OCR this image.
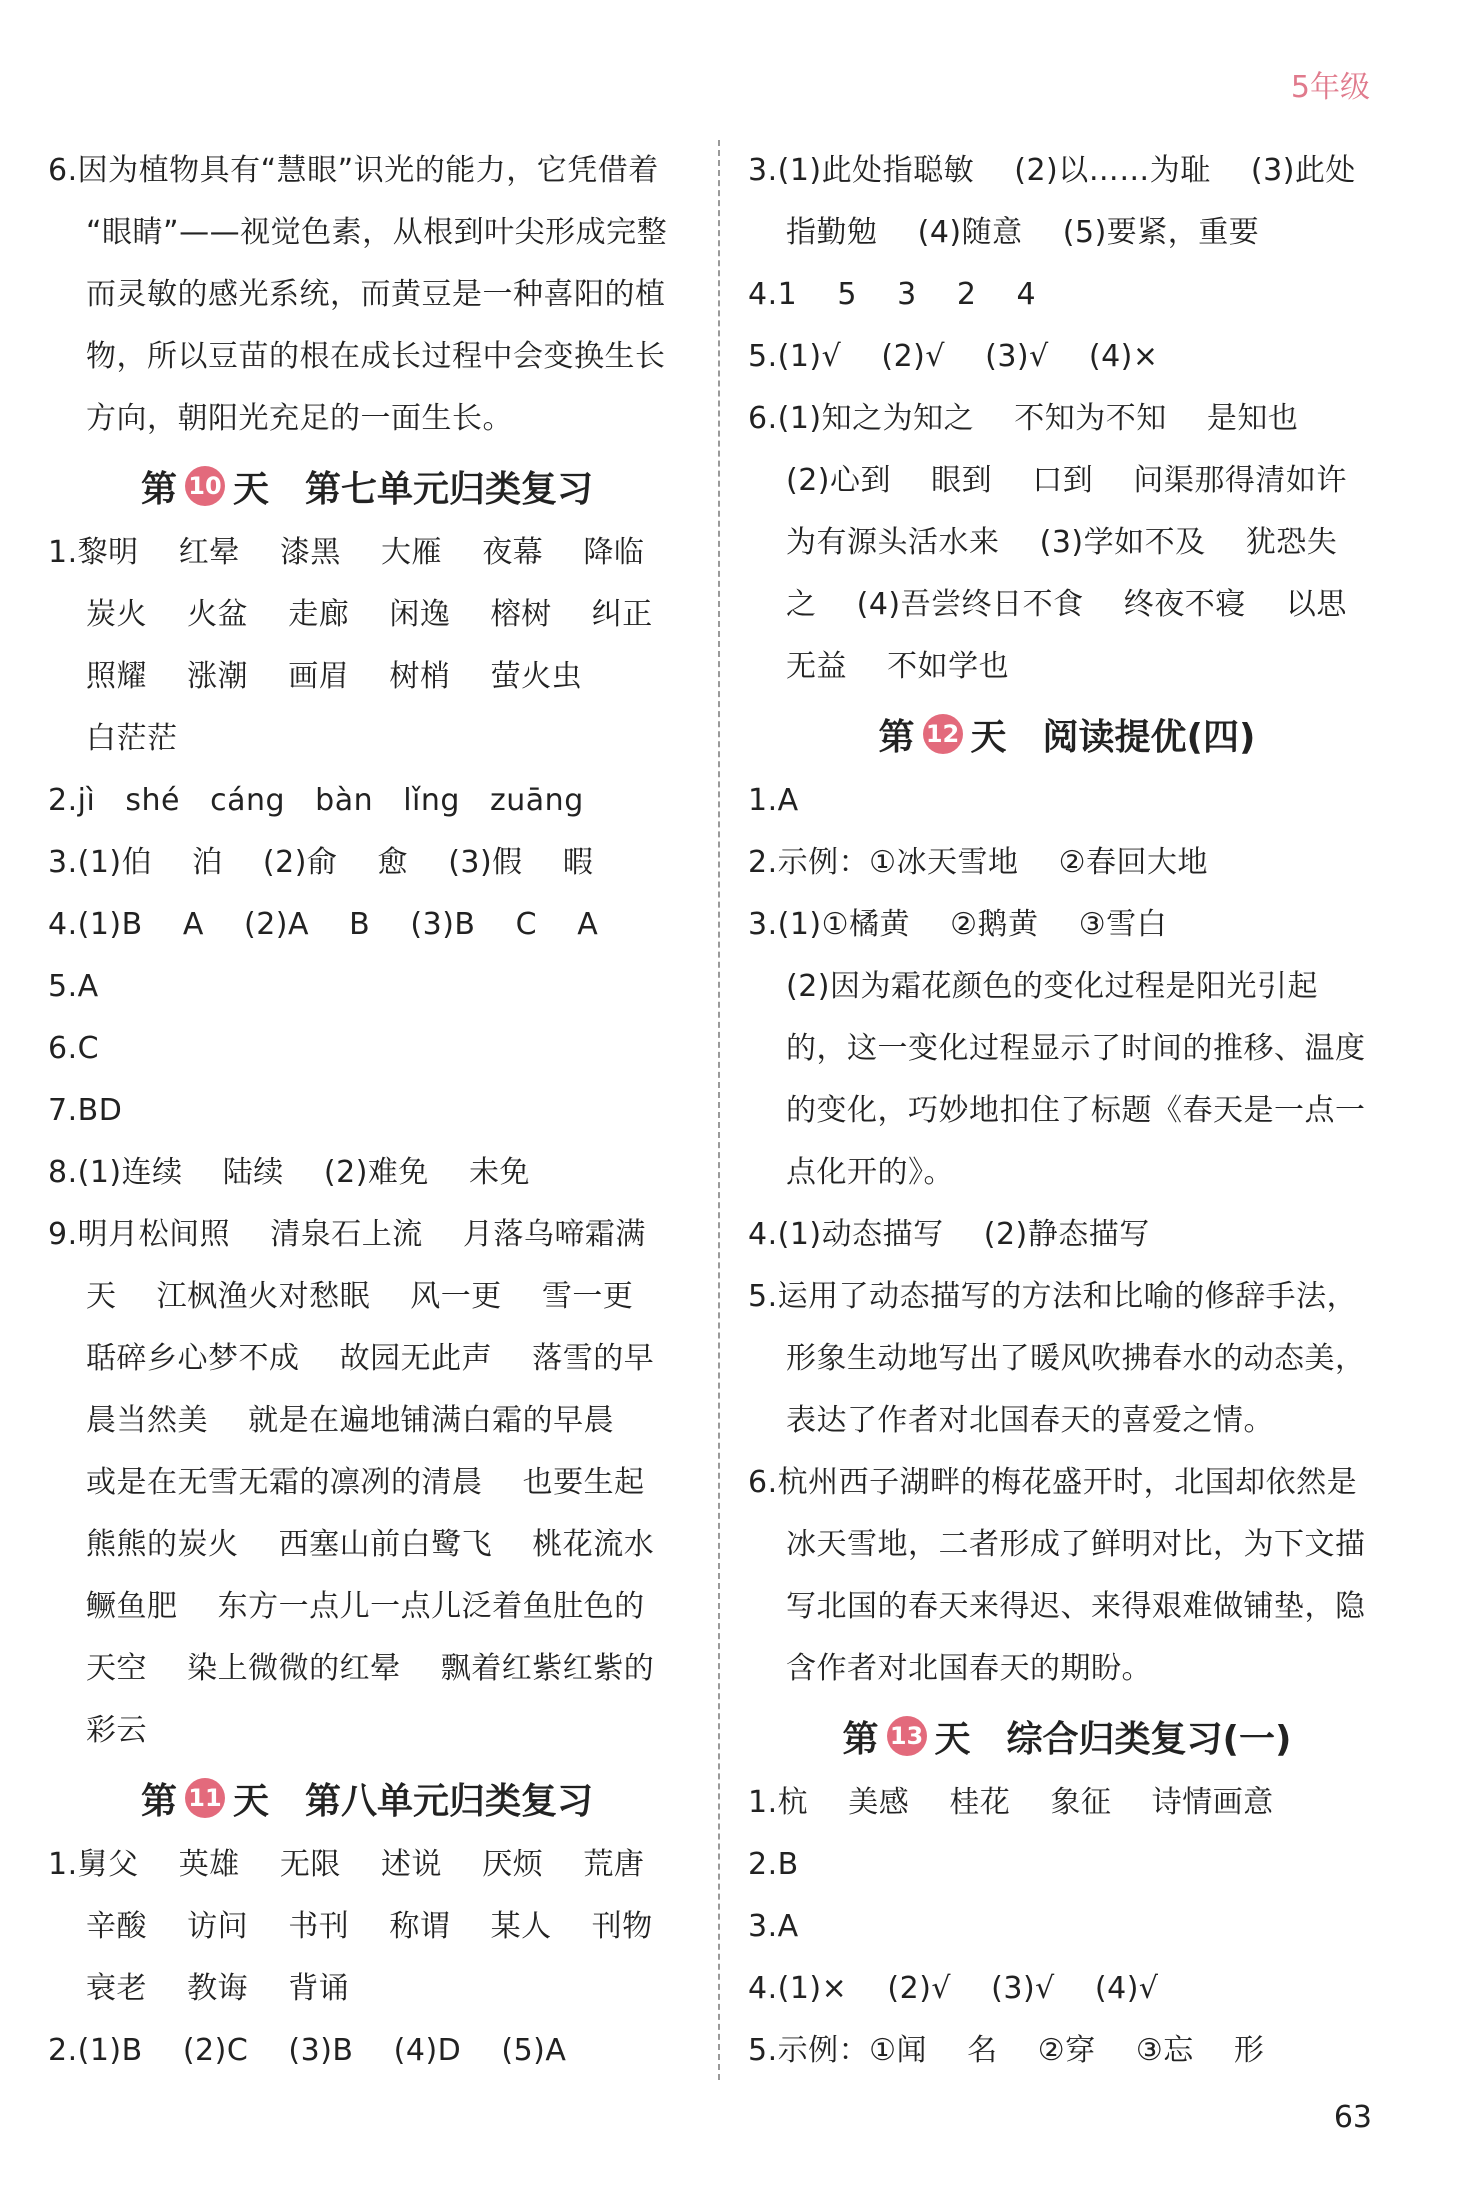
5年级
6.因为植物具有“慧眼”识光的能力，它凭借着
“眼睛”——视觉色素，从根到叶尖形成完整
而灵敏的感光系统，而黄豆是一种喜阳的植
物，所以豆苗的根在成长过程中会变换生长
方向，朝阳光充足的一面生长。
第 10 天 第七单元归类复习
1.黎明    红晕    漆黑    大雁    夜幕    降临
炭火    火盆    走廊    闲逸    榕树    纠正
照耀    涨潮    画眉    树梢    萤火虫
白茫茫
2.jì   shé   cáng   bàn   lǐng   zuāng
3.(1)伯    泊    (2)俞    愈    (3)假    暇
4.(1)B    A    (2)A    B    (3)B    C    A
5.A
6.C
7.BD
8.(1)连续    陆续    (2)难免    未免
9.明月松间照    清泉石上流    月落乌啼霜满
天    江枫渔火对愁眠    风一更    雪一更
聒碎乡心梦不成    故园无此声    落雪的早
晨当然美    就是在遍地铺满白霜的早晨
或是在无雪无霜的凛冽的清晨    也要生起
熊熊的炭火    西塞山前白鹭飞    桃花流水
鳜鱼肥    东方一点儿一点儿泛着鱼肚色的
天空    染上微微的红晕    飘着红紫红紫的
彩云
第 11 天 第八单元归类复习
1.舅父    英雄    无限    述说    厌烦    荒唐
辛酸    访问    书刊    称谓    某人    刊物
衰老    教诲    背诵
2.(1)B    (2)C    (3)B    (4)D    (5)A
3.(1)此处指聪敏    (2)以……为耻    (3)此处
指勤勉    (4)随意    (5)要紧，重要
4.1    5    3    2    4
5.(1)√    (2)√    (3)√    (4)×
6.(1)知之为知之    不知为不知    是知也
(2)心到    眼到    口到    问渠那得清如许
为有源头活水来    (3)学如不及    犹恐失
之    (4)吾尝终日不食    终夜不寝    以思
无益    不如学也
第 12 天 阅读提优(四)
1.A
2.示例：①冰天雪地    ②春回大地
3.(1)①橘黄    ②鹅黄    ③雪白
(2)因为霜花颜色的变化过程是阳光引起
的，这一变化过程显示了时间的推移、温度
的变化，巧妙地扣住了标题《春天是一点一
点化开的》。
4.(1)动态描写    (2)静态描写
5.运用了动态描写的方法和比喻的修辞手法，
形象生动地写出了暖风吹拂春水的动态美，
表达了作者对北国春天的喜爱之情。
6.杭州西子湖畔的梅花盛开时，北国却依然是
冰天雪地，二者形成了鲜明对比，为下文描
写北国的春天来得迟、来得艰难做铺垫，隐
含作者对北国春天的期盼。
第 13 天 综合归类复习(一)
1.杭    美感    桂花    象征    诗情画意
2.B
3.A
4.(1)×    (2)√    (3)√    (4)√
5.示例：①闻    名    ②穿    ③忘    形
63
